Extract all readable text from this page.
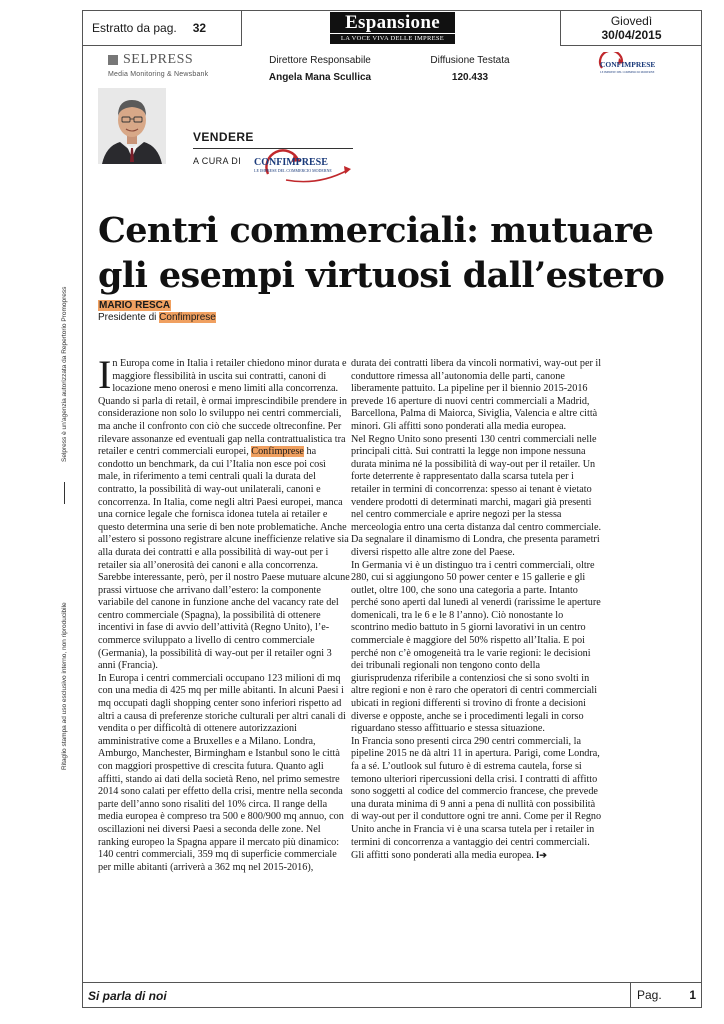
Estratto da pag. 32	Espansione
LA VOCE VIVA DELLE IMPRESE
Giovedì
30/04/2015
SELPRESS
Media Monitoring & Newsbank
Direttore Responsabile
Angela Mana Scullica
Diffusione Testata
120.433
CONFIMPRESE
LE IMPRESE DEL COMMERCIO MODERNE
VENDERE
A CURA DI CONFIMPRESE
LE IMPRESE DEL COMMERCIO MODERNE
Centri commerciali: mutuare
gli esempi virtuosi dall’estero
MARIO RESCA
Presidente di Confimprese

In Europa come in Italia i retailer chiedono minor durata e maggiore flessibilità in uscita sui contratti, canoni di locazione meno onerosi e meno limiti alla concorrenza. Quando si parla di retail, è ormai imprescindibile prendere in considerazione non solo lo sviluppo nei centri commerciali, ma anche il confronto con ciò che succede oltreconfine. Per rilevare assonanze ed eventuali gap nella contrattualistica tra retailer e centri commerciali europei, Confimprese ha condotto un benchmark, da cui l’Italia non esce poi così male, in riferimento a temi centrali quali la durata del contratto, la possibilità di way-out unilaterali, canoni e concorrenza. In Italia, come negli altri Paesi europei, manca una cornice legale che fornisca idonea tutela ai retailer e questo determina una serie di ben note problematiche. Anche all’estero si possono registrare alcune inefficienze relative sia alla durata dei contratti e alla possibilità di way-out per i retailer sia all’onerosità dei canoni e alla concorrenza. Sarebbe interessante, però, per il nostro Paese mutuare alcune prassi virtuose che arrivano dall’estero: la componente variabile del canone in funzione anche del vacancy rate del centro commerciale (Spagna), la possibilità di ottenere incentivi in fase di avvio dell’attività (Regno Unito), l’e-commerce sviluppato a livello di centro commerciale (Germania), la possibilità di way-out per il retailer ogni 3 anni (Francia).

In Europa i centri commerciali occupano 123 milioni di mq con una media di 425 mq per mille abitanti. In alcuni Paesi i mq occupati dagli shopping center sono inferiori rispetto ad altri a causa di preferenze storiche culturali per altri canali di vendita o per difficoltà di ottenere autorizzazioni amministrative come a Bruxelles e a Milano. Londra, Amburgo, Manchester, Birmingham e Istanbul sono le città con maggiori prospettive di crescita futura. Quanto agli affitti, stando ai dati della società Reno, nel primo semestre 2014 sono calati per effetto della crisi, mentre nella seconda parte dell’anno sono risaliti del 10% circa. Il range della media europea è compreso tra 500 e 800/900 mq annuo, con oscillazioni nei diversi Paesi a seconda delle zone. Nel ranking europeo la Spagna appare il mercato più dinamico: 140 centri commerciali, 359 mq di superficie commerciale per mille abitanti (arriverà a 362 mq nel 2015-2016),

durata dei contratti libera da vincoli normativi, way-out per il conduttore rimessa all’autonomia delle parti, canone liberamente pattuito. La pipeline per il biennio 2015-2016 prevede 16 aperture di nuovi centri commerciali a Madrid, Barcellona, Palma di Maiorca, Siviglia, Valencia e altre città minori. Gli affitti sono ponderati alla media europea.

Nel Regno Unito sono presenti 130 centri commerciali nelle principali città. Sui contratti la legge non impone nessuna durata minima né la possibilità di way-out per il retailer. Un forte deterrente è rappresentato dalla scarsa tutela per i retailer in termini di concorrenza: spesso ai tenant è vietato vendere prodotti di determinati marchi, magari già presenti nel centro commerciale e aprire negozi per la stessa merceologia entro una certa distanza dal centro commerciale. Da segnalare il dinamismo di Londra, che presenta parametri diversi rispetto alle altre zone del Paese.

In Germania vi è un distinguo tra i centri commerciali, oltre 280, cui si aggiungono 50 power center e 15 gallerie e gli outlet, oltre 100, che sono una categoria a parte. Intanto perché sono aperti dal lunedì al venerdì (rarissime le aperture domenicali, tra le 6 e le 8 l’anno). Ciò nonostante lo scontrino medio battuto in 5 giorni lavorativi in un centro commerciale è maggiore del 50% rispetto all’Italia. E poi perché non c’è omogeneità tra le varie regioni: le decisioni dei tribunali regionali non tengono conto della giurisprudenza riferibile a contenziosi che si sono svolti in altre regioni e non è raro che operatori di centri commerciali ubicati in regioni differenti si trovino di fronte a decisioni diverse e opposte, anche se i procedimenti legali in corso riguardano stesso affittuario e stessa situazione.

In Francia sono presenti circa 290 centri commerciali, la pipeline 2015 ne dà altri 11 in apertura. Parigi, come Londra, fa a sé. L’outlook sul futuro è di estrema cautela, forse si temono ulteriori ripercussioni della crisi. I contratti di affitto sono soggetti al codice del commercio francese, che prevede una durata minima di 9 anni a pena di nullità con possibilità di way-out per il conduttore ogni tre anni. Come per il Regno Unito anche in Francia vi è una scarsa tutela per i retailer in termini di concorrenza a vantaggio dei centri commerciali. Gli affitti sono ponderati alla media europea. I➔

Selpress è un'agenzia autorizzata da Repertorio Promopress
Ritaglio stampa ad uso esclusivo interno, non riproducibile
Si parla di noi	Pag. 1
